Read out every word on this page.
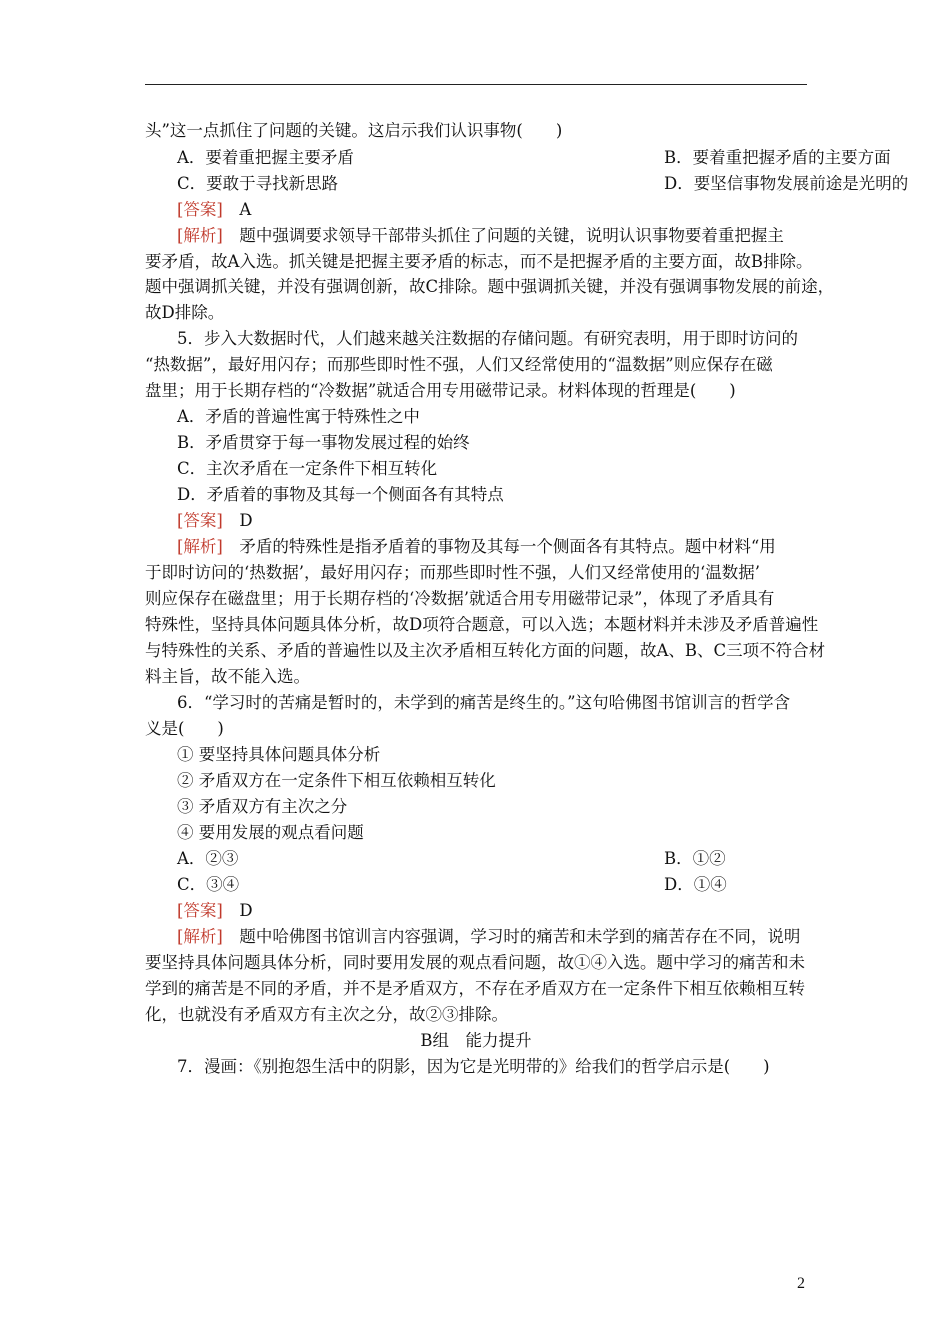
头”这一点抓住了问题的关键。这启示我们认识事物(　　)
A．要着重把握主要矛盾	B．要着重把握矛盾的主要方面
C．要敢于寻找新思路	D．要坚信事物发展前途是光明的
[答案]　A
[解析]　题中强调要求领导干部带头抓住了问题的关键，说明认识事物要着重把握主
要矛盾，故A入选。抓关键是把握主要矛盾的标志，而不是把握矛盾的主要方面，故B排除。
题中强调抓关键，并没有强调创新，故C排除。题中强调抓关键，并没有强调事物发展的前途，
故D排除。
5．步入大数据时代，人们越来越关注数据的存储问题。有研究表明，用于即时访问的
“热数据”，最好用闪存；而那些即时性不强，人们又经常使用的“温数据”则应保存在磁
盘里；用于长期存档的“冷数据”就适合用专用磁带记录。材料体现的哲理是(　　)
A．矛盾的普遍性寓于特殊性之中
B．矛盾贯穿于每一事物发展过程的始终
C．主次矛盾在一定条件下相互转化
D．矛盾着的事物及其每一个侧面各有其特点
[答案]　D
[解析]　矛盾的特殊性是指矛盾着的事物及其每一个侧面各有其特点。题中材料“用
于即时访问的‘热数据’，最好用闪存；而那些即时性不强，人们又经常使用的‘温数据’
则应保存在磁盘里；用于长期存档的‘冷数据’就适合用专用磁带记录”，体现了矛盾具有
特殊性，坚持具体问题具体分析，故D项符合题意，可以入选；本题材料并未涉及矛盾普遍性
与特殊性的关系、矛盾的普遍性以及主次矛盾相互转化方面的问题，故A、B、C三项不符合材
料主旨，故不能入选。
6．“学习时的苦痛是暂时的，未学到的痛苦是终生的。”这句哈佛图书馆训言的哲学含
义是(　　)
① 要坚持具体问题具体分析
② 矛盾双方在一定条件下相互依赖相互转化
③ 矛盾双方有主次之分
④ 要用发展的观点看问题
A．②③	B．①②
C．③④	D．①④
[答案]　D
[解析]　题中哈佛图书馆训言内容强调，学习时的痛苦和未学到的痛苦存在不同，说明
要坚持具体问题具体分析，同时要用发展的观点看问题，故①④入选。题中学习的痛苦和未
学到的痛苦是不同的矛盾，并不是矛盾双方，不存在矛盾双方在一定条件下相互依赖相互转
化，也就没有矛盾双方有主次之分，故②③排除。
B组　能力提升
7．漫画：《别抱怨生活中的阴影，因为它是光明带的》给我们的哲学启示是(　　)
2
